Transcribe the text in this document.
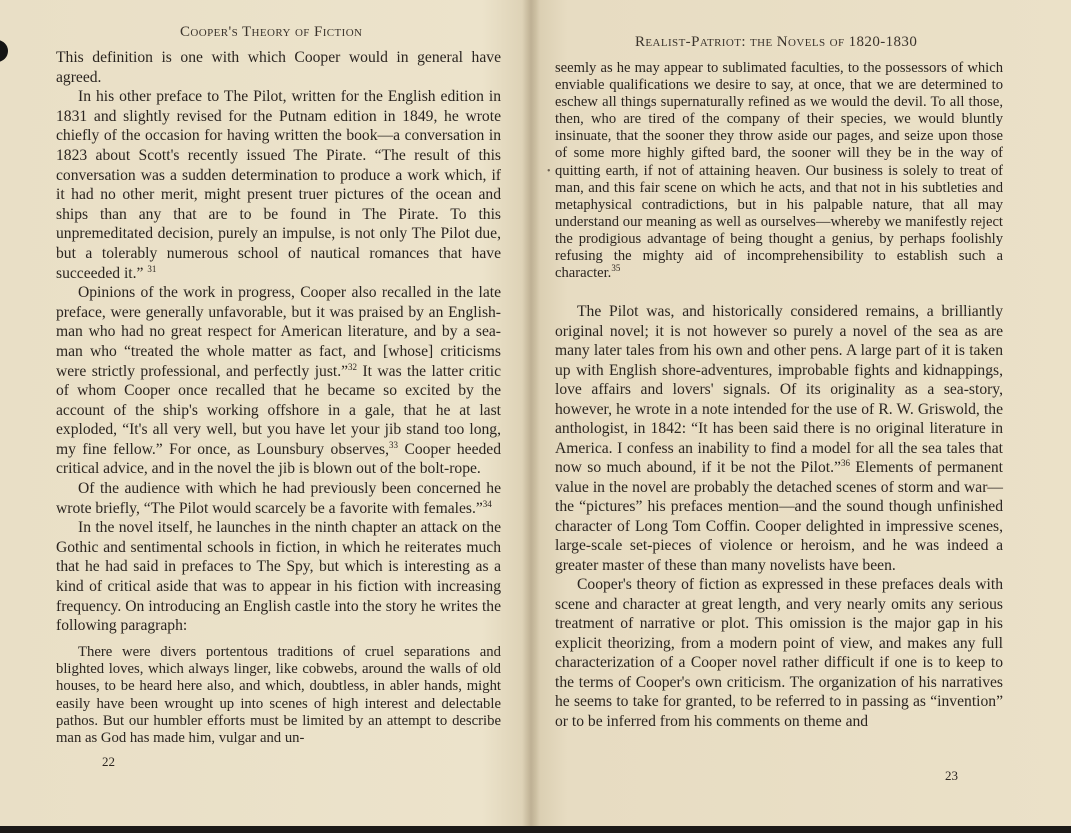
•
Cooper's Theory of Fiction

This definition is one with which Cooper would in general have agreed.

In his other preface to The Pilot, written for the English edition in 1831 and slightly revised for the Putnam edition in 1849, he wrote chiefly of the occasion for having written the book—a conversation in 1823 about Scott's recently issued The Pirate. “The result of this conversation was a sudden determination to produce a work which, if it had no other merit, might present truer pictures of the ocean and ships than any that are to be found in The Pirate. To this unpremeditated decision, purely an impulse, is not only The Pilot due, but a tolerably numerous school of nautical romances that have succeeded it.” $^{31}$

Opinions of the work in progress, Cooper also recalled in the late preface, were generally unfavorable, but it was praised by an English-man who had no great respect for American literature, and by a sea-man who “treated the whole matter as fact, and [whose] criticisms were strictly professional, and perfectly just.”$^{32}$ It was the latter critic of whom Cooper once recalled that he became so excited by the account of the ship's working offshore in a gale, that he at last exploded, “It's all very well, but you have let your jib stand too long, my fine fellow.” For once, as Lounsbury observes,$^{33}$ Cooper heeded critical advice, and in the novel the jib is blown out of the bolt-rope.

Of the audience with which he had previously been concerned he wrote briefly, “The Pilot would scarcely be a favorite with females.”$^{34}$

In the novel itself, he launches in the ninth chapter an attack on the Gothic and sentimental schools in fiction, in which he reiterates much that he had said in prefaces to The Spy, but which is interesting as a kind of critical aside that was to appear in his fiction with increasing frequency. On introducing an English castle into the story he writes the following paragraph:

There were divers portentous traditions of cruel separations and blighted loves, which always linger, like cobwebs, around the walls of old houses, to be heard here also, and which, doubtless, in abler hands, might easily have been wrought up into scenes of high interest and delectable pathos. But our humbler efforts must be limited by an attempt to describe man as God has made him, vulgar and un-
22
Realist-Patriot: the Novels of 1820-1830

seemly as he may appear to sublimated faculties, to the possessors of which enviable qualifications we desire to say, at once, that we are determined to eschew all things supernaturally refined as we would the devil. To all those, then, who are tired of the company of their species, we would bluntly insinuate, that the sooner they throw aside our pages, and seize upon those of some more highly gifted bard, the sooner will they be in the way of quitting earth, if not of attaining heaven. Our business is solely to treat of man, and this fair scene on which he acts, and that not in his subtleties and metaphysical contradictions, but in his palpable nature, that all may understand our meaning as well as ourselves—whereby we manifestly reject the prodigious advantage of being thought a genius, by perhaps foolishly refusing the mighty aid of incomprehensibility to establish such a character.$^{35}$

The Pilot was, and historically considered remains, a brilliantly original novel; it is not however so purely a novel of the sea as are many later tales from his own and other pens. A large part of it is taken up with English shore-adventures, improbable fights and kidnappings, love affairs and lovers' signals. Of its originality as a sea-story, however, he wrote in a note intended for the use of R. W. Griswold, the anthologist, in 1842: “It has been said there is no original literature in America. I confess an inability to find a model for all the sea tales that now so much abound, if it be not the Pilot.”$^{36}$ Elements of permanent value in the novel are probably the detached scenes of storm and war—the “pictures” his prefaces mention—and the sound though unfinished character of Long Tom Coffin. Cooper delighted in impressive scenes, large-scale set-pieces of violence or heroism, and he was indeed a greater master of these than many novelists have been.

Cooper's theory of fiction as expressed in these prefaces deals with scene and character at great length, and very nearly omits any serious treatment of narrative or plot. This omission is the major gap in his explicit theorizing, from a modern point of view, and makes any full characterization of a Cooper novel rather difficult if one is to keep to the terms of Cooper's own criticism. The organization of his narratives he seems to take for granted, to be referred to in passing as “invention” or to be inferred from his comments on theme and

23
